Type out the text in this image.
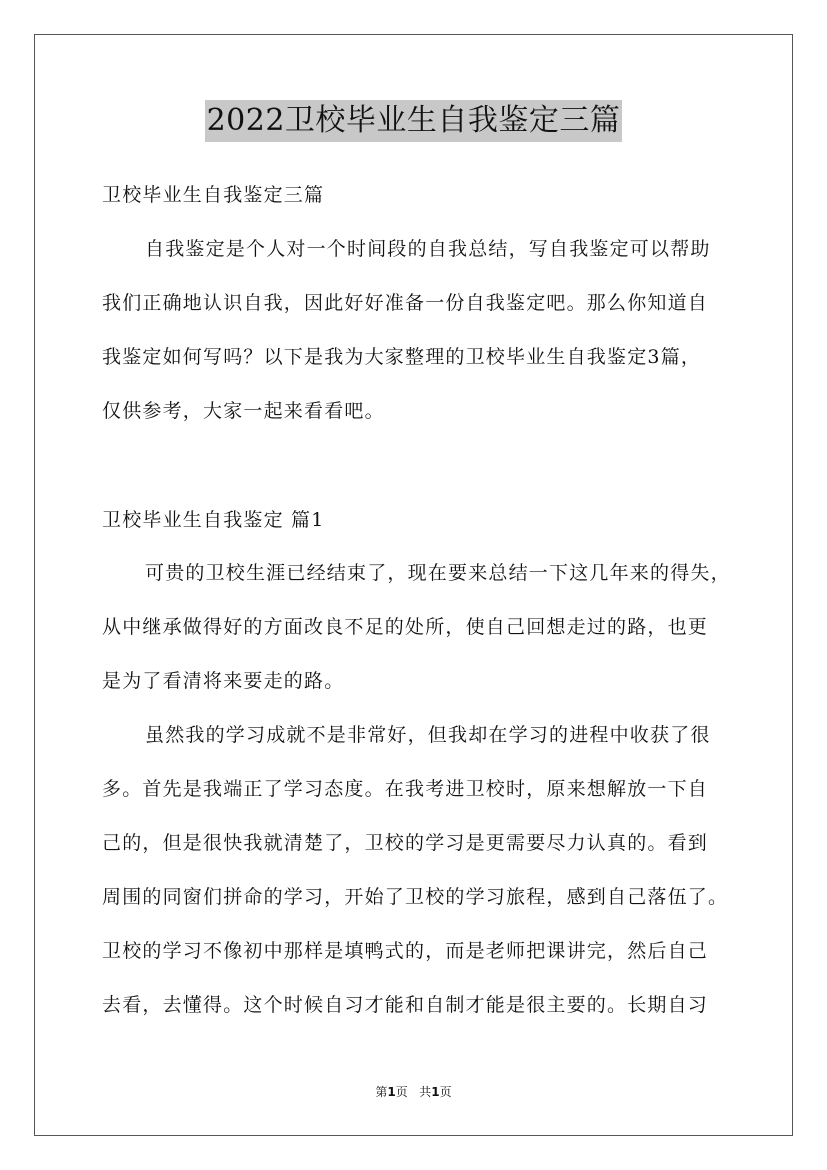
2022卫校毕业生自我鉴定三篇
卫校毕业生自我鉴定三篇
自我鉴定是个人对一个时间段的自我总结，写自我鉴定可以帮助
我们正确地认识自我，因此好好准备一份自我鉴定吧。那么你知道自
我鉴定如何写吗？以下是我为大家整理的卫校毕业生自我鉴定3篇，
仅供参考，大家一起来看看吧。
卫校毕业生自我鉴定 篇1
可贵的卫校生涯已经结束了，现在要来总结一下这几年来的得失，
从中继承做得好的方面改良不足的处所，使自己回想走过的路，也更
是为了看清将来要走的路。
虽然我的学习成就不是非常好，但我却在学习的进程中收获了很
多。首先是我端正了学习态度。在我考进卫校时，原来想解放一下自
己的，但是很快我就清楚了，卫校的学习是更需要尽力认真的。看到
周围的同窗们拼命的学习，开始了卫校的学习旅程，感到自己落伍了。
卫校的学习不像初中那样是填鸭式的，而是老师把课讲完，然后自己
去看，去懂得。这个时候自习才能和自制才能是很主要的。长期自习
第1页 共1页
